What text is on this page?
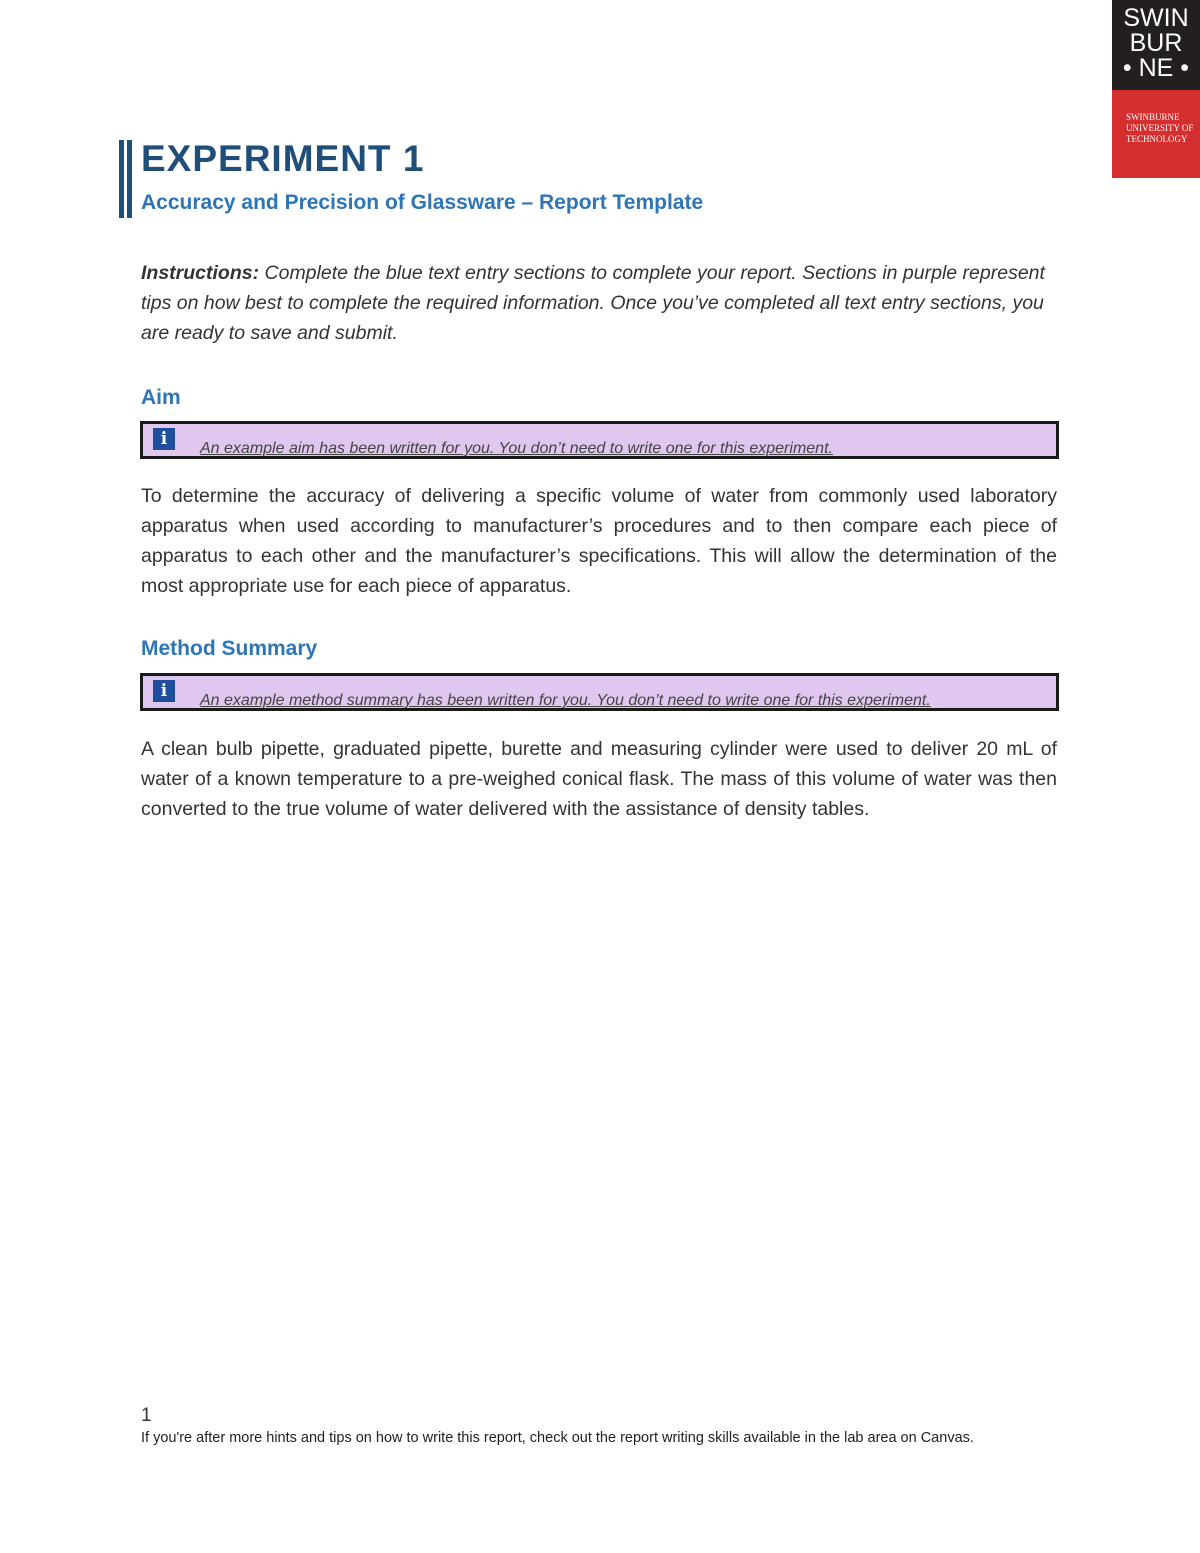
SWIN
BUR
• NE •
SWINBURNE
UNIVERSITY OF
TECHNOLOGY
EXPERIMENT 1
Accuracy and Precision of Glassware – Report Template
Instructions: Complete the blue text entry sections to complete your report. Sections in purple represent tips on how best to complete the required information. Once you’ve completed all text entry sections, you are ready to save and submit.
Aim
i	An example aim has been written for you. You don’t need to write one for this experiment.
To determine the accuracy of delivering a specific volume of water from commonly used laboratory apparatus when used according to manufacturer’s procedures and to then compare each piece of apparatus to each other and the manufacturer’s specifications. This will allow the determination of the most appropriate use for each piece of apparatus.
Method Summary
i	An example method summary has been written for you. You don’t need to write one for this experiment.
A clean bulb pipette, graduated pipette, burette and measuring cylinder were used to deliver 20 mL of water of a known temperature to a pre-weighed conical flask. The mass of this volume of water was then converted to the true volume of water delivered with the assistance of density tables.
1
If you're after more hints and tips on how to write this report, check out the report writing skills available in the lab area on Canvas.
